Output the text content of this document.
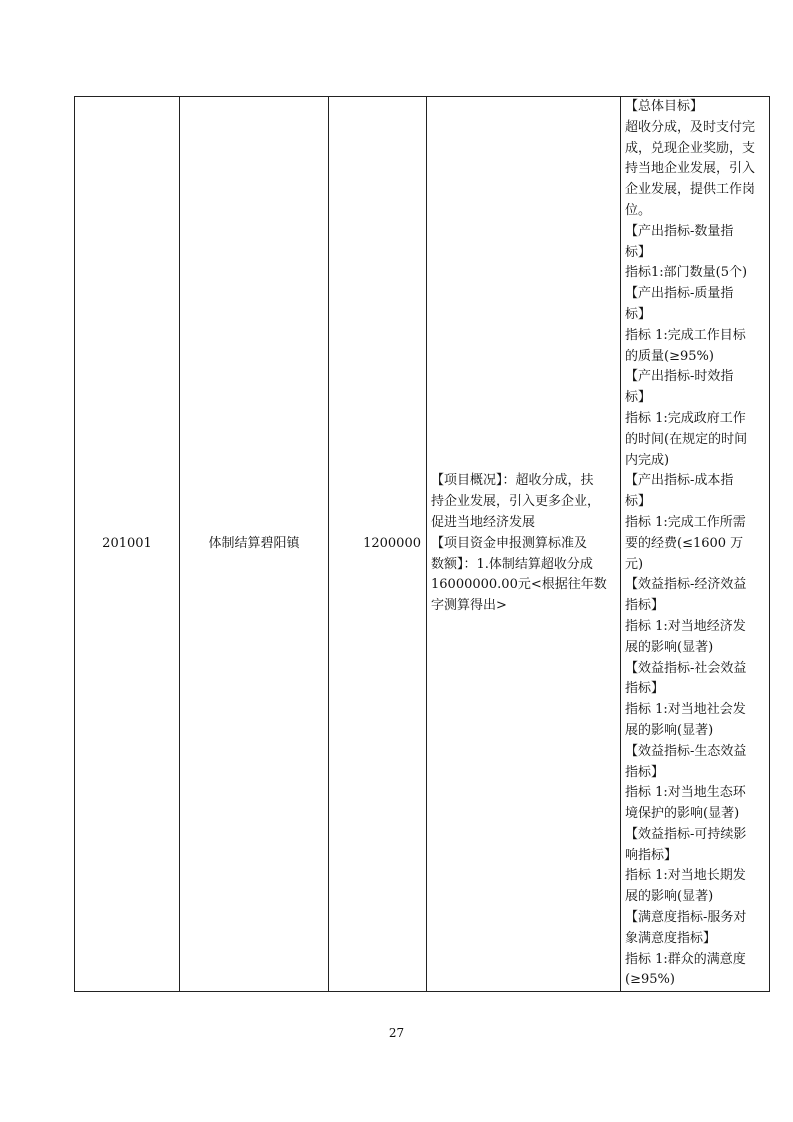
201001	体制结算碧阳镇	1200000	
【项目概况】：超收分成，扶
持企业发展，引入更多企业，
促进当地经济发展
【项目资金申报测算标准及
数额】：1.体制结算超收分成
16000000.00元<根据往年数
字测算得出>

【总体目标】
超收分成，及时支付完
成，兑现企业奖励，支
持当地企业发展，引入
企业发展，提供工作岗
位。
【产出指标-数量指
标】
指标1:部门数量(5个)
【产出指标-质量指
标】
指标 1:完成工作目标
的质量(≥95%)
【产出指标-时效指
标】
指标 1:完成政府工作
的时间(在规定的时间
内完成)
【产出指标-成本指
标】
指标 1:完成工作所需
要的经费(≤1600 万
元)
【效益指标-经济效益
指标】
指标 1:对当地经济发
展的影响(显著)
【效益指标-社会效益
指标】
指标 1:对当地社会发
展的影响(显著)
【效益指标-生态效益
指标】
指标 1:对当地生态环
境保护的影响(显著)
【效益指标-可持续影
响指标】
指标 1:对当地长期发
展的影响(显著)
【满意度指标-服务对
象满意度指标】
指标 1:群众的满意度
(≥95%)
27
